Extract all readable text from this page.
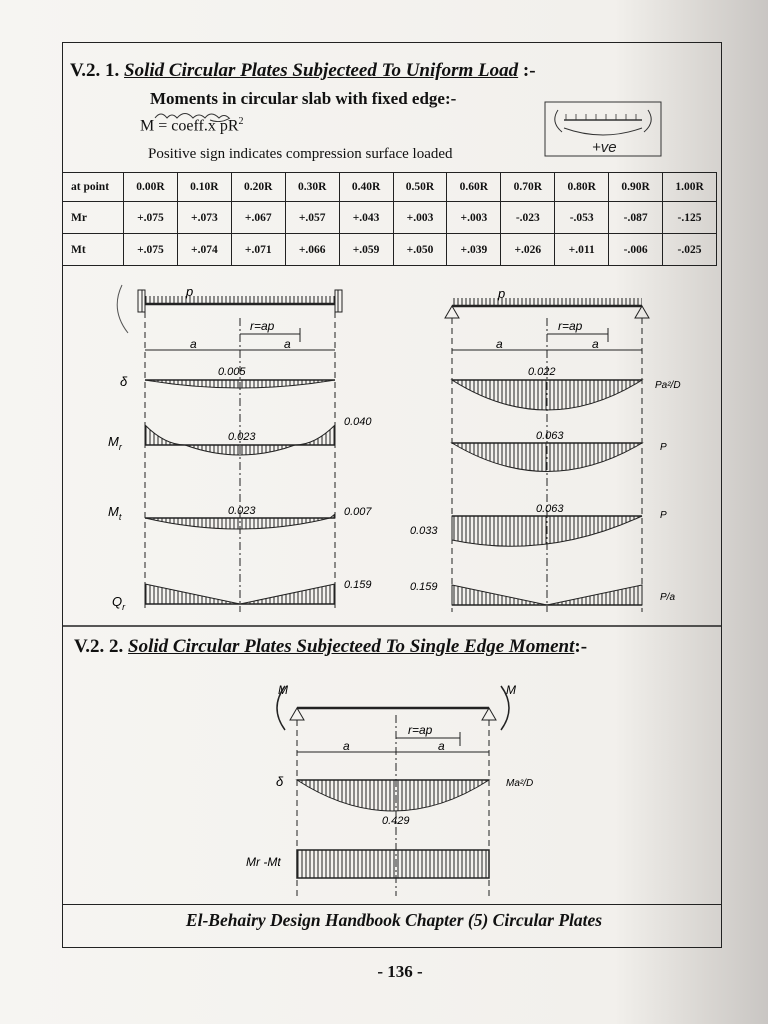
V.2. 1. Solid Circular Plates Subjecteed To Uniform Load :-
Moments in circular slab with fixed edge:-
M = coeff.x $pR^2$
Positive sign indicates compression surface loaded	+ve
at point	0.00R	0.10R	0.20R	0.30R	0.40R	0.50R	0.60R	0.70R	0.80R	0.90R	1.00R
Mr	+.075	+.073	+.067	+.057	+.043	+.003	+.003	-.023	-.053	-.087	-.125
Mt	+.075	+.074	+.071	+.066	+.059	+.050	+.039	+.026	+.011	-.006	-.025
p
r=ap
a	a
δ
0.005
$M_r$
0.023
0.040
$M_t$	0.023	0.007
$Q_r$
0.159
p
r=ap
a	a
0.022
Pa²/D
0.063
P
0.063
0.033
P
0.159
P/a
M	M
r=ap
a	a
δ
0.429
Ma²/D
Mr -Mt
V.2. 2. Solid Circular Plates Subjecteed To Single Edge Moment:-
El-Behairy Design Handbook Chapter (5) Circular Plates
- 136 -
